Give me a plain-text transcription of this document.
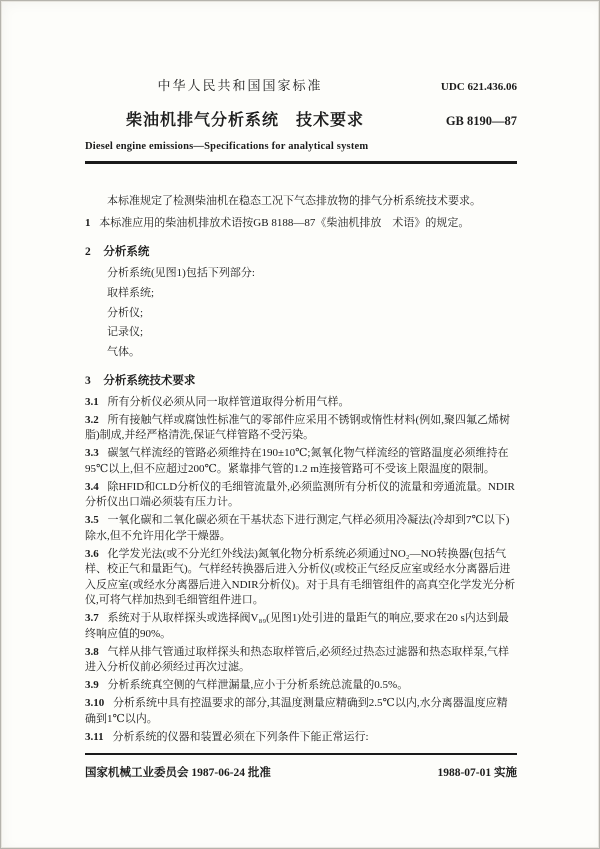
中华人民共和国国家标准	UDC 621.436.06
柴油机排气分析系统　技术要求	GB 8190—87
Diesel engine emissions—Specifications for analytical system

本标准规定了检测柴油机在稳态工况下气态排放物的排气分析系统技术要求。

1 本标准应用的柴油机排放术语按GB 8188—87《柴油机排放　术语》的规定。

2 分析系统

分析系统(见图1)包括下列部分:

取样系统;

分析仪;

记录仪;

气体。

3 分析系统技术要求

3.1 所有分析仪必须从同一取样管道取得分析用气样。

3.2 所有接触气样或腐蚀性标准气的零部件应采用不锈钢或惰性材料(例如,聚四氟乙烯树脂)制成,并经严格清洗,保证气样管路不受污染。

3.3 碳氢气样流经的管路必须维持在190±10℃;氮氧化物气样流经的管路温度必须维持在95℃以上,但不应超过200℃。紧靠排气管的1.2 m连接管路可不受该上限温度的限制。

3.4 除HFID和CLD分析仪的毛细管流量外,必须监测所有分析仪的流量和旁通流量。NDIR分析仪出口端必须装有压力计。

3.5 一氧化碳和二氧化碳必须在干基状态下进行测定,气样必须用冷凝法(冷却到7℃以下)除水,但不允许用化学干燥器。

3.6 化学发光法(或不分光红外线法)氮氧化物分析系统必须通过NO₂—NO转换器(包括气样、校正气和量距气)。气样经转换器后进入分析仪(或校正气经反应室或经水分离器后进入反应室(或经水分离器后进入NDIR分析仪)。对于具有毛细管组件的高真空化学发光分析仪,可将气样加热到毛细管组件进口。

3.7 系统对于从取样探头或选择阀V₈₉(见图1)处引进的量距气的响应,要求在20 s内达到最终响应值的90%。

3.8 气样从排气管通过取样探头和热态取样管后,必须经过热态过滤器和热态取样泵,气样进入分析仪前必须经过再次过滤。

3.9 分析系统真空侧的气样泄漏量,应小于分析系统总流量的0.5%。

3.10 分析系统中具有控温要求的部分,其温度测量应精确到2.5℃以内,水分离器温度应精确到1℃以内。

3.11 分析系统的仪器和装置必须在下列条件下能正常运行:

国家机械工业委员会 1987-06-24 批准	1988-07-01 实施
